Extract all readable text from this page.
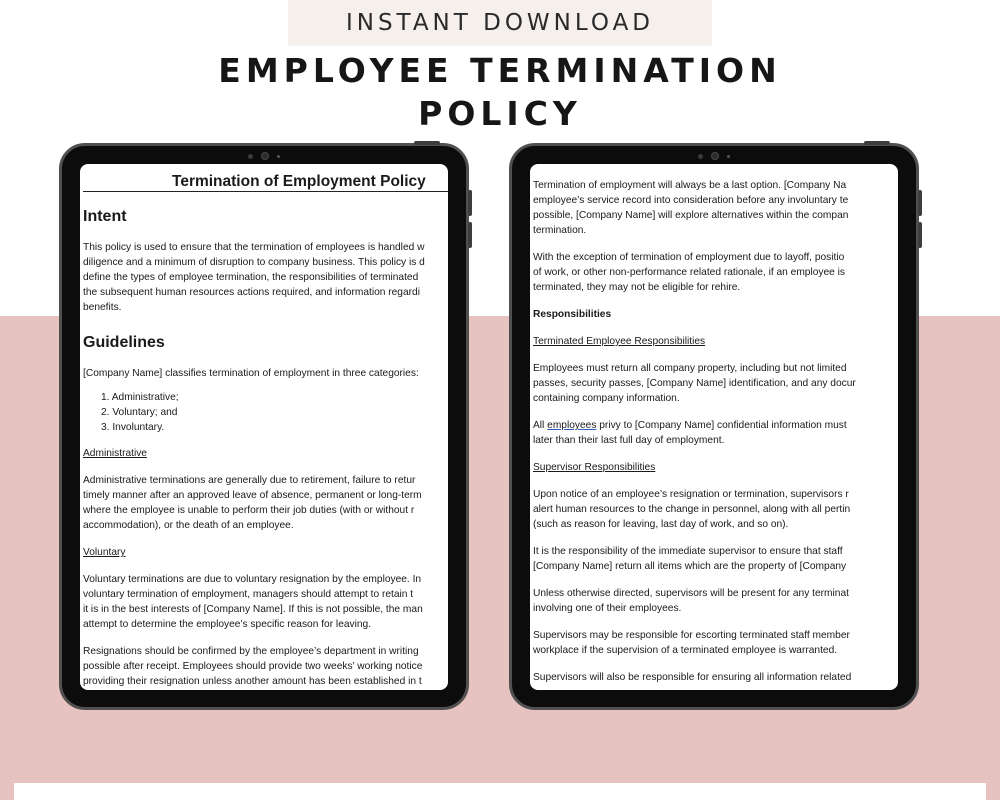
INSTANT DOWNLOAD
EMPLOYEE TERMINATION
POLICY
Termination of Employment Policy
Intent

This policy is used to ensure that the termination of employees is handled w
diligence and a minimum of disruption to company business. This policy is d
define the types of employee termination, the responsibilities of terminated
the subsequent human resources actions required, and information regardi
benefits.

Guidelines

[Company Name] classifies termination of employment in three categories:

1. Administrative;
2. Voluntary; and
3. Involuntary.
Administrative

Administrative terminations are generally due to retirement, failure to retur
timely manner after an approved leave of absence, permanent or long-term
where the employee is unable to perform their job duties (with or without r
accommodation), or the death of an employee.

Voluntary

Voluntary terminations are due to voluntary resignation by the employee. In
voluntary termination of employment, managers should attempt to retain t
it is in the best interests of [Company Name]. If this is not possible, the man
attempt to determine the employee’s specific reason for leaving.

Resignations should be confirmed by the employee’s department in writing
possible after receipt. Employees should provide two weeks’ working notice
providing their resignation unless another amount has been established in t

Termination of employment will always be a last option. [Company Na
employee’s service record into consideration before any involuntary te
possible, [Company Name] will explore alternatives within the compan
termination.

With the exception of termination of employment due to layoff, positio
of work, or other non-performance related rationale, if an employee is
terminated, they may not be eligible for rehire.

Responsibilities
Terminated Employee Responsibilities

Employees must return all company property, including but not limited
passes, security passes, [Company Name] identification, and any docur
containing company information.

All employees privy to [Company Name] confidential information must
later than their last full day of employment.

Supervisor Responsibilities

Upon notice of an employee’s resignation or termination, supervisors r
alert human resources to the change in personnel, along with all pertin
(such as reason for leaving, last day of work, and so on).

It is the responsibility of the immediate supervisor to ensure that staff
[Company Name] return all items which are the property of [Company

Unless otherwise directed, supervisors will be present for any terminat
involving one of their employees.

Supervisors may be responsible for escorting terminated staff member
workplace if the supervision of a terminated employee is warranted.

Supervisors will also be responsible for ensuring all information related
